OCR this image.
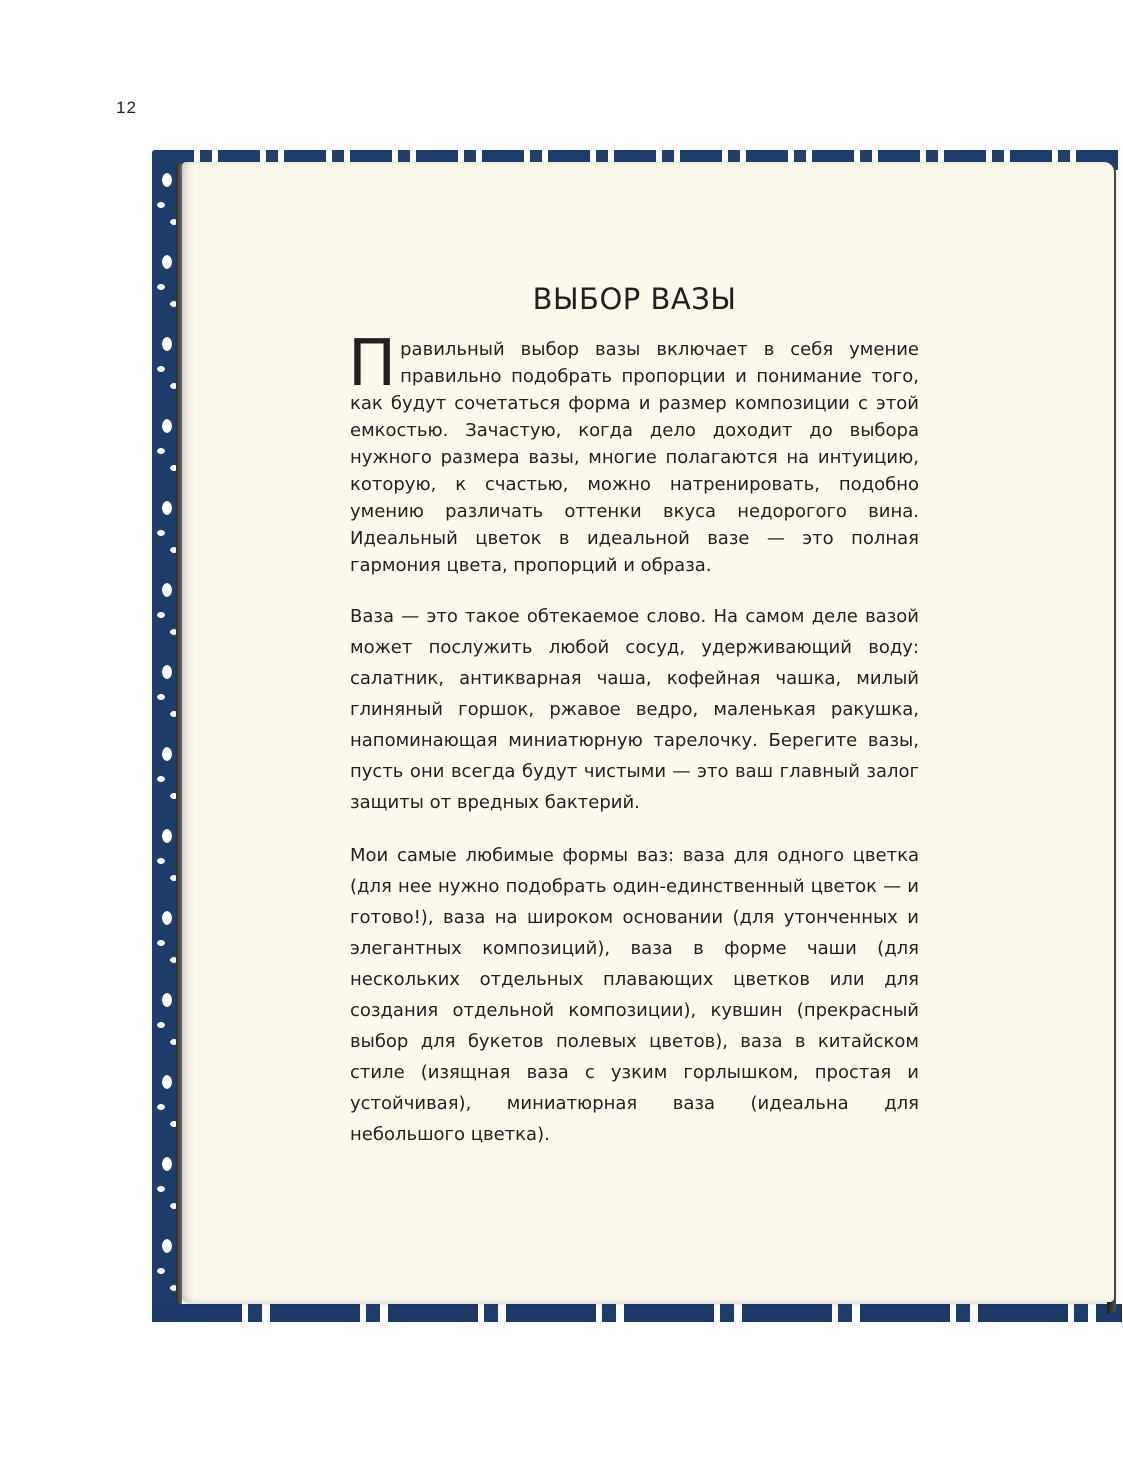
12
ВЫБОР ВАЗЫ

Правильный выбор вазы включает в себя умение правильно подобрать пропорции и понимание того, как будут сочетаться форма и размер композиции с этой емкостью. Зачастую, когда дело доходит до выбора нужного размера вазы, многие полагаются на интуицию, которую, к счастью, можно натренировать, подобно умению различать оттенки вкуса недорогого вина. Идеальный цветок в идеальной вазе — это полная гармония цвета, пропорций и образа.

Ваза — это такое обтекаемое слово. На самом деле вазой может послужить любой сосуд, удерживающий воду: салатник, антикварная чаша, кофейная чашка, милый глиняный горшок, ржавое ведро, маленькая ракушка, напоминающая миниатюрную тарелочку. Берегите вазы, пусть они всегда будут чистыми — это ваш главный залог защиты от вредных бактерий.

Мои самые любимые формы ваз: ваза для одного цветка (для нее нужно подобрать один-единственный цветок — и готово!), ваза на широком основании (для утонченных и элегантных композиций), ваза в форме чаши (для нескольких отдельных плавающих цветков или для создания отдельной композиции), кувшин (прекрасный выбор для букетов полевых цветов), ваза в китайском стиле (изящная ваза с узким горлышком, простая и устойчивая), миниатюрная ваза (идеальна для небольшого цветка).
